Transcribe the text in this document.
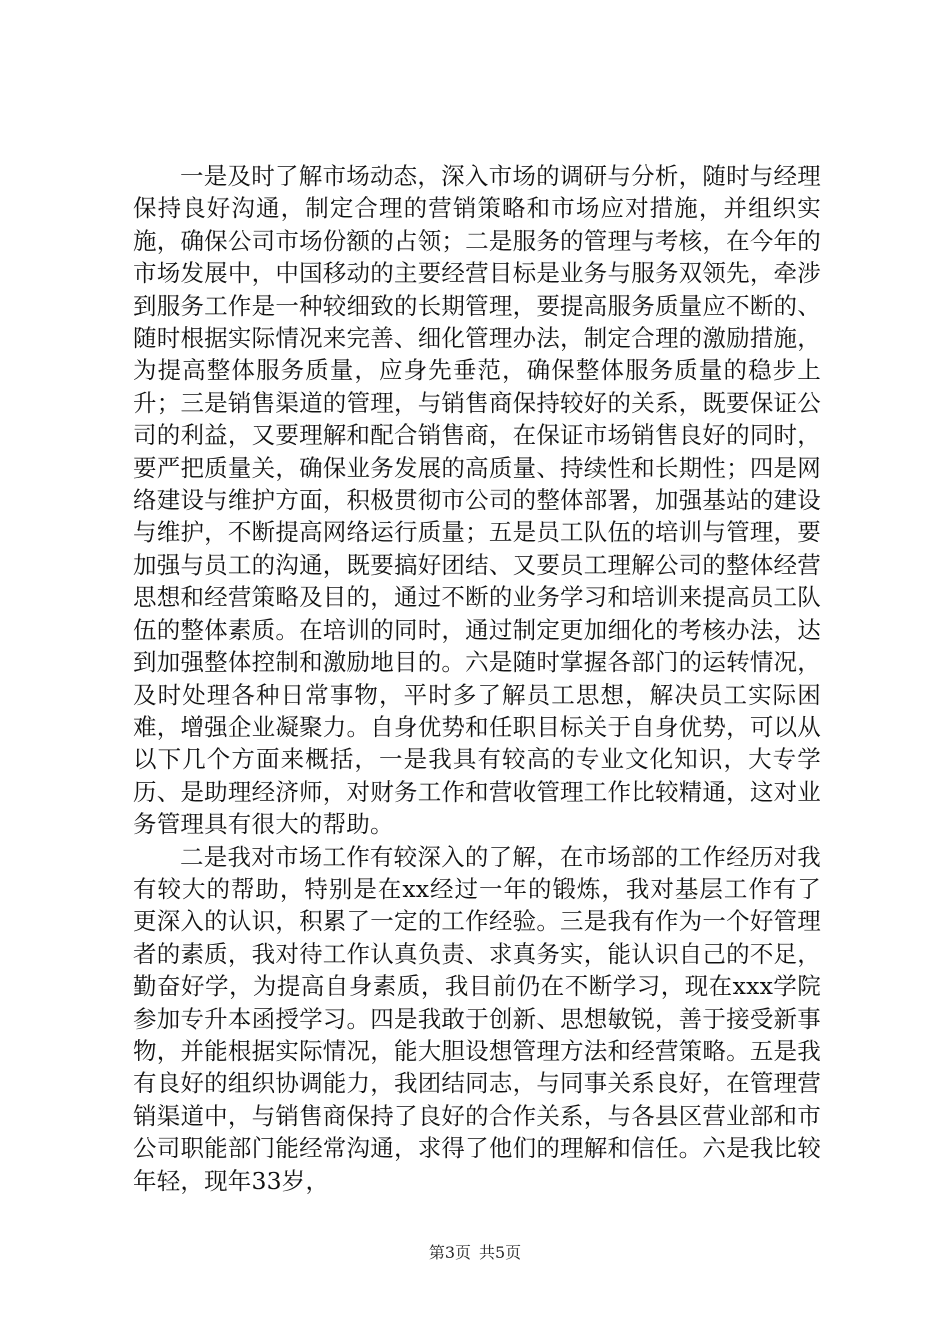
一是及时了解市场动态，深入市场的调研与分析，随时与经理保持良好沟通，制定合理的营销策略和市场应对措施，并组织实施，确保公司市场份额的占领；二是服务的管理与考核，在今年的市场发展中，中国移动的主要经营目标是业务与服务双领先，牵涉到服务工作是一种较细致的长期管理，要提高服务质量应不断的、随时根据实际情况来完善、细化管理办法，制定合理的激励措施，为提高整体服务质量，应身先垂范，确保整体服务质量的稳步上升；三是销售渠道的管理，与销售商保持较好的关系，既要保证公司的利益，又要理解和配合销售商，在保证市场销售良好的同时，要严把质量关，确保业务发展的高质量、持续性和长期性；四是网络建设与维护方面，积极贯彻市公司的整体部署，加强基站的建设与维护，不断提高网络运行质量；五是员工队伍的培训与管理，要加强与员工的沟通，既要搞好团结、又要员工理解公司的整体经营思想和经营策略及目的，通过不断的业务学习和培训来提高员工队伍的整体素质。在培训的同时，通过制定更加细化的考核办法，达到加强整体控制和激励地目的。六是随时掌握各部门的运转情况，及时处理各种日常事物，平时多了解员工思想，解决员工实际困难，增强企业凝聚力。自身优势和任职目标关于自身优势，可以从以下几个方面来概括，一是我具有较高的专业文化知识，大专学历、是助理经济师，对财务工作和营收管理工作比较精通，这对业务管理具有很大的帮助。

二是我对市场工作有较深入的了解，在市场部的工作经历对我有较大的帮助，特别是在xx经过一年的锻炼，我对基层工作有了更深入的认识，积累了一定的工作经验。三是我有作为一个好管理者的素质，我对待工作认真负责、求真务实，能认识自己的不足，勤奋好学，为提高自身素质，我目前仍在不断学习，现在xxx学院参加专升本函授学习。四是我敢于创新、思想敏锐，善于接受新事物，并能根据实际情况，能大胆设想管理方法和经营策略。五是我有良好的组织协调能力，我团结同志，与同事关系良好，在管理营销渠道中，与销售商保持了良好的合作关系，与各县区营业部和市公司职能部门能经常沟通，求得了他们的理解和信任。六是我比较年轻，现年33岁，

第3页 共5页
